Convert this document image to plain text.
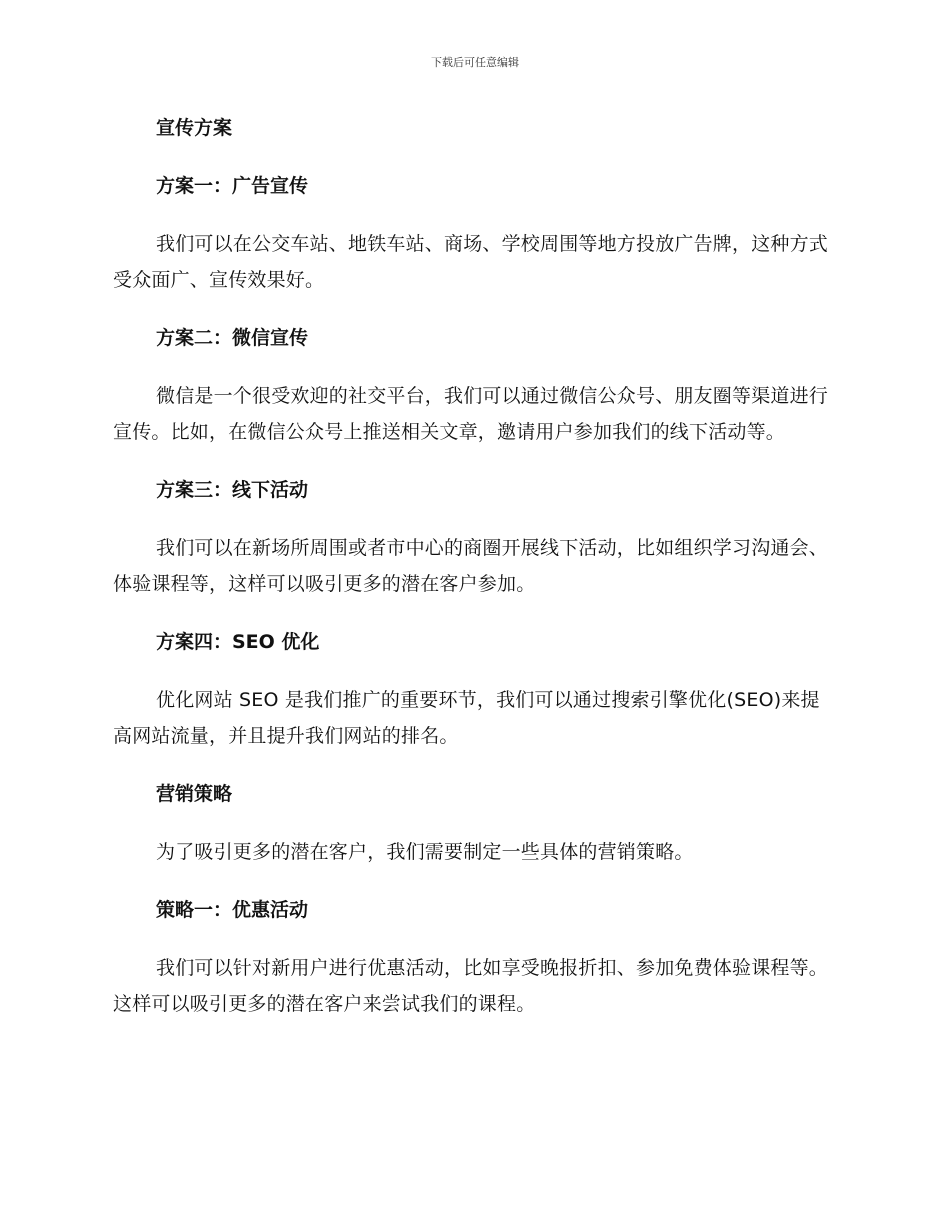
下载后可任意编辑
宣传方案
方案一：广告宣传
我们可以在公交车站、地铁车站、商场、学校周围等地方投放广告牌，这种方式受众面广、宣传效果好。
方案二：微信宣传
微信是一个很受欢迎的社交平台，我们可以通过微信公众号、朋友圈等渠道进行宣传。比如，在微信公众号上推送相关文章，邀请用户参加我们的线下活动等。
方案三：线下活动
我们可以在新场所周围或者市中心的商圈开展线下活动，比如组织学习沟通会、体验课程等，这样可以吸引更多的潜在客户参加。
方案四：SEO 优化
优化网站 SEO 是我们推广的重要环节，我们可以通过搜索引擎优化(SEO)来提高网站流量，并且提升我们网站的排名。
营销策略
为了吸引更多的潜在客户，我们需要制定一些具体的营销策略。
策略一：优惠活动
我们可以针对新用户进行优惠活动，比如享受晚报折扣、参加免费体验课程等。这样可以吸引更多的潜在客户来尝试我们的课程。
